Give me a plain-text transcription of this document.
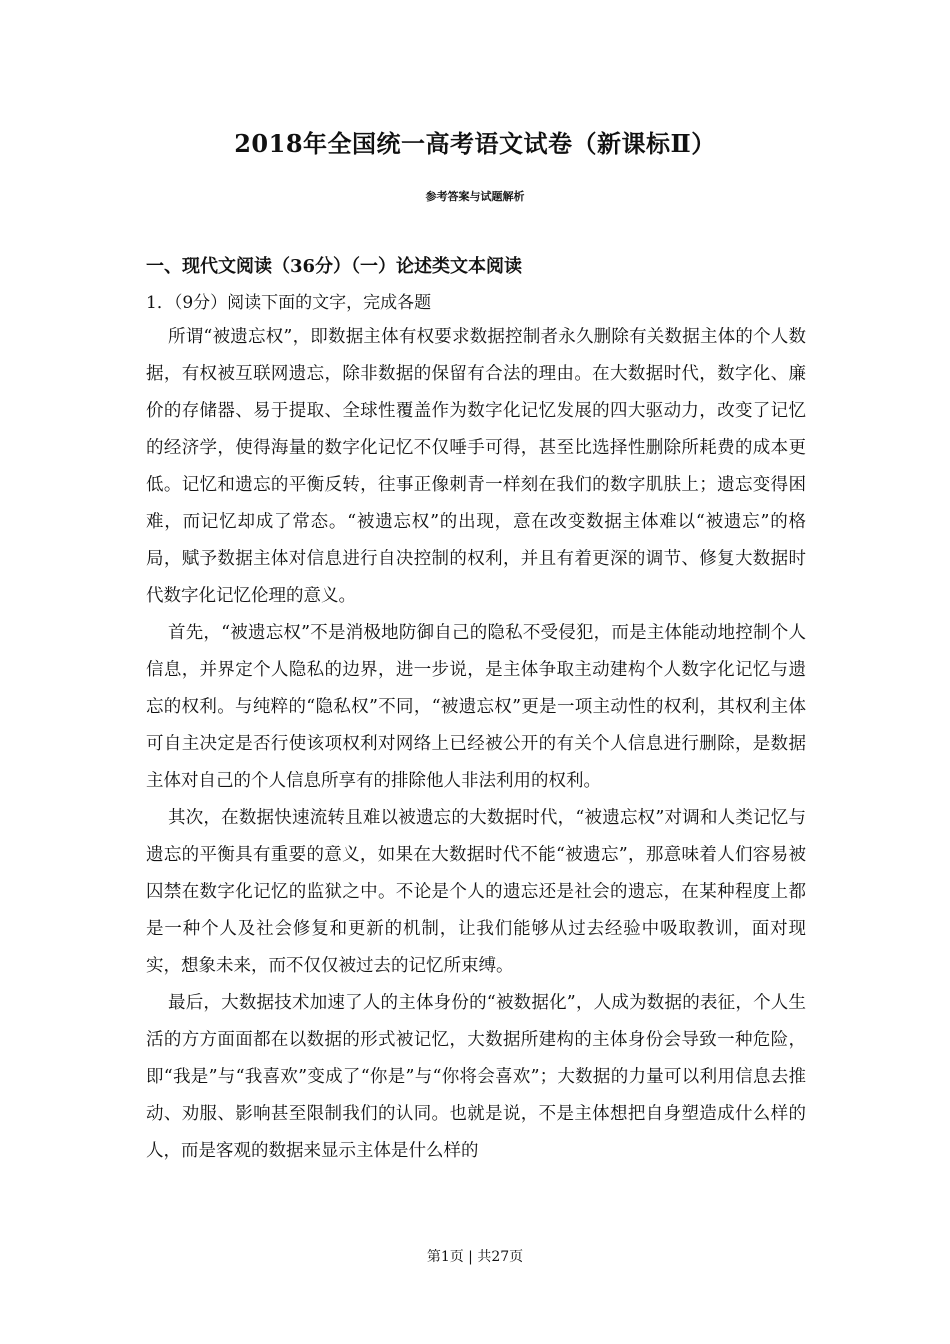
2018年全国统一高考语文试卷（新课标Ⅱ）
参考答案与试题解析
一、现代文阅读（36分）（一）论述类文本阅读
1．（9分）阅读下面的文字，完成各题

所谓“被遗忘权”，即数据主体有权要求数据控制者永久删除有关数据主体的个人数据，有权被互联网遗忘，除非数据的保留有合法的理由。在大数据时代，数字化、廉价的存储器、易于提取、全球性覆盖作为数字化记忆发展的四大驱动力，改变了记忆的经济学，使得海量的数字化记忆不仅唾手可得，甚至比选择性删除所耗费的成本更低。记忆和遗忘的平衡反转，往事正像刺青一样刻在我们的数字肌肤上；遗忘变得困难，而记忆却成了常态。“被遗忘权”的出现，意在改变数据主体难以“被遗忘”的格局，赋予数据主体对信息进行自决控制的权利，并且有着更深的调节、修复大数据时代数字化记忆伦理的意义。

首先，“被遗忘权”不是消极地防御自己的隐私不受侵犯，而是主体能动地控制个人信息，并界定个人隐私的边界，进一步说，是主体争取主动建构个人数字化记忆与遗忘的权利。与纯粹的“隐私权”不同，“被遗忘权”更是一项主动性的权利，其权利主体可自主决定是否行使该项权利对网络上已经被公开的有关个人信息进行删除，是数据主体对自己的个人信息所享有的排除他人非法利用的权利。

其次，在数据快速流转且难以被遗忘的大数据时代，“被遗忘权”对调和人类记忆与遗忘的平衡具有重要的意义，如果在大数据时代不能“被遗忘”，那意味着人们容易被囚禁在数字化记忆的监狱之中。不论是个人的遗忘还是社会的遗忘，在某种程度上都是一种个人及社会修复和更新的机制，让我们能够从过去经验中吸取教训，面对现实，想象未来，而不仅仅被过去的记忆所束缚。

最后，大数据技术加速了人的主体身份的“被数据化”，人成为数据的表征，个人生活的方方面面都在以数据的形式被记忆，大数据所建构的主体身份会导致一种危险，即“我是”与“我喜欢”变成了“你是”与“你将会喜欢”；大数据的力量可以利用信息去推动、劝服、影响甚至限制我们的认同。也就是说，不是主体想把自身塑造成什么样的人，而是客观的数据来显示主体是什么样的

第1页 | 共27页
